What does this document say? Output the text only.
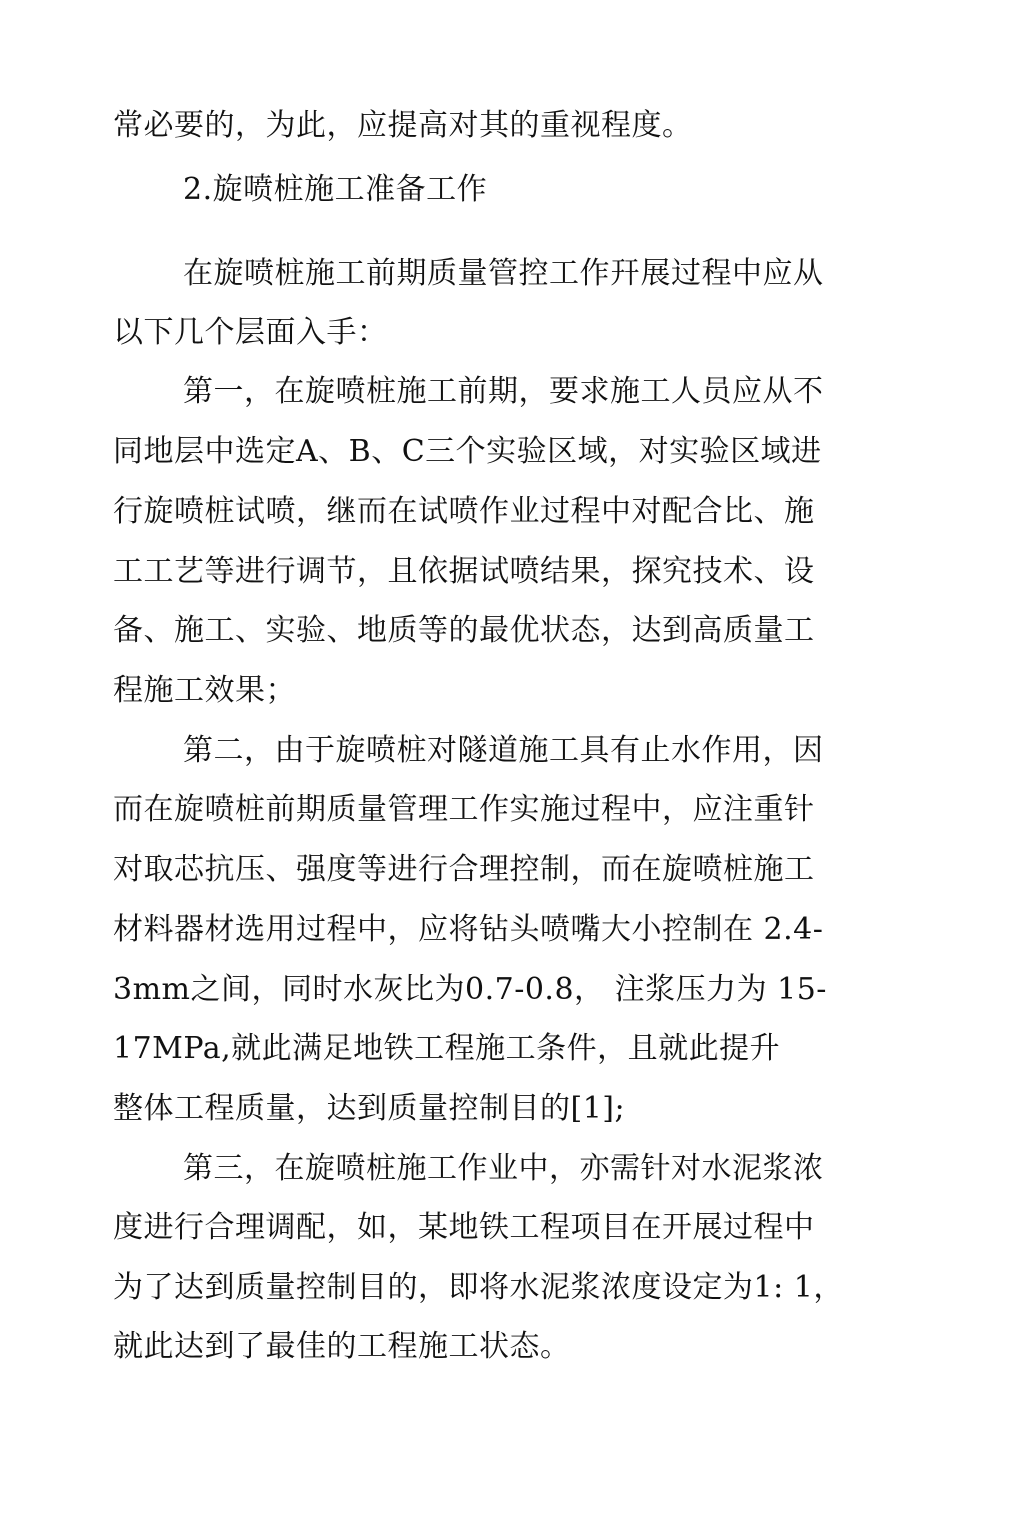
常必要的，为此，应提高对其的重视程度。
2.旋喷桩施工准备工作
在旋喷桩施工前期质量管控工作幵展过程中应从
以下几个层面入手：
第一，在旋喷桩施工前期，要求施工人员应从不
同地层中选定A、B、C三个实验区域，对实验区域进
行旋喷桩试喷，继而在试喷作业过程中对配合比、施
工工艺等进行调节，且依据试喷结果，探究技术、设
备、施工、实验、地质等的最优状态，达到高质量工
程施工效果；
第二，由于旋喷桩对隧道施工具有止水作用，因
而在旋喷桩前期质量管理工作实施过程中，应注重针
对取芯抗压、强度等进行合理控制，而在旋喷桩施工
材料器材选用过程中，应将钻头喷嘴大小控制在 2.4-
3mm之间，同时水灰比为0.7-0.8， 注浆压力为 15-
17MPa,就此满足地铁工程施工条件，且就此提升
整体工程质量，达到质量控制目的[1];
第三，在旋喷桩施工作业中，亦需针对水泥浆浓
度进行合理调配，如，某地铁工程项目在开展过程中
为了达到质量控制目的，即将水泥浆浓度设定为1: 1，
就此达到了最佳的工程施工状态。
